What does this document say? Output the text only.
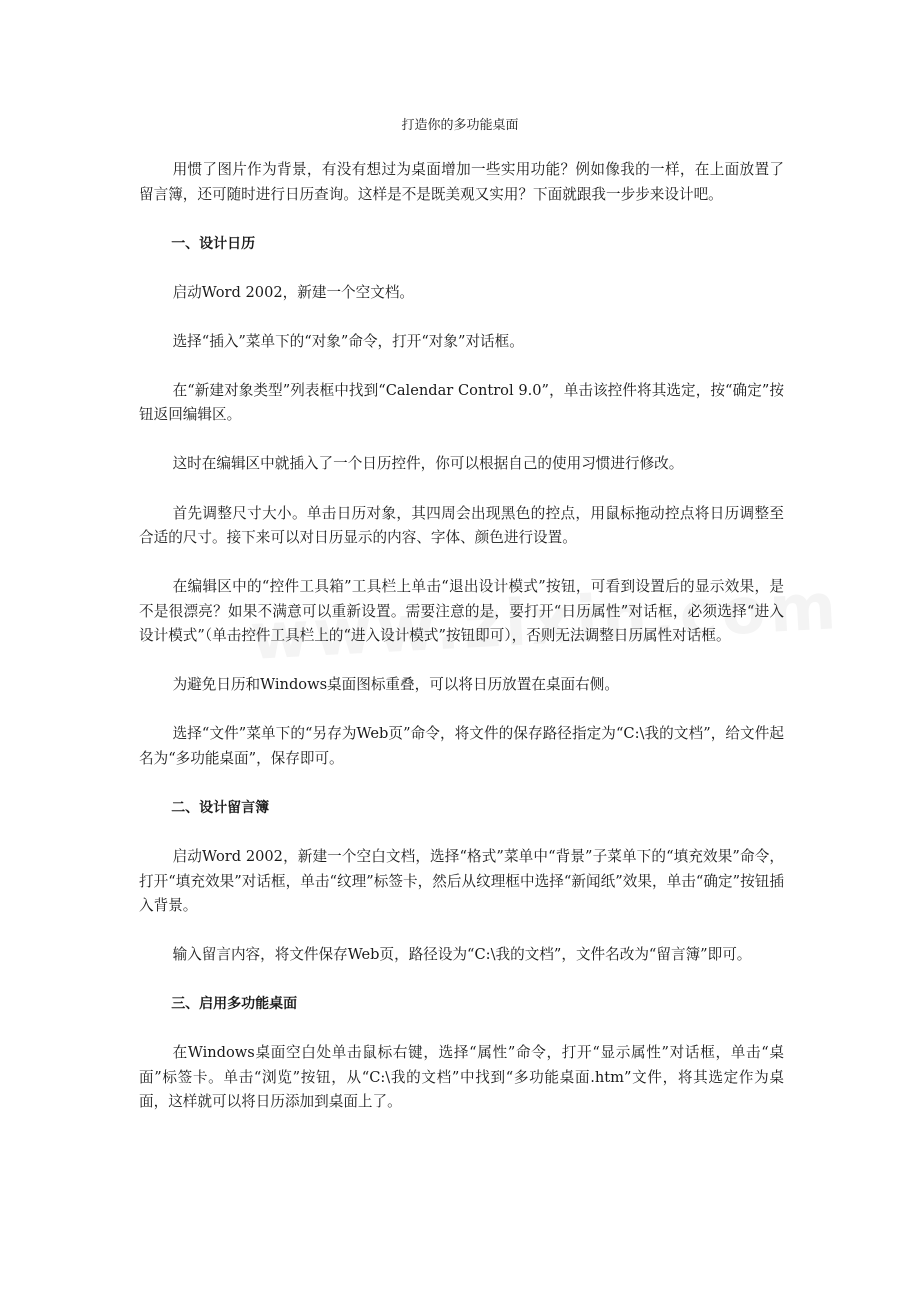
打造你的多功能桌面

用惯了图片作为背景，有没有想过为桌面增加一些实用功能？例如像我的一样，在上面放置了留言簿，还可随时进行日历查询。这样是不是既美观又实用？下面就跟我一步步来设计吧。

一、设计日历

启动Word 2002，新建一个空文档。

选择“插入”菜单下的“对象”命令，打开“对象”对话框。

在“新建对象类型”列表框中找到“Calendar Control 9.0”，单击该控件将其选定，按“确定”按钮返回编辑区。

这时在编辑区中就插入了一个日历控件，你可以根据自己的使用习惯进行修改。

首先调整尺寸大小。单击日历对象，其四周会出现黑色的控点，用鼠标拖动控点将日历调整至合适的尺寸。接下来可以对日历显示的内容、字体、颜色进行设置。

在编辑区中的“控件工具箱”工具栏上单击“退出设计模式”按钮，可看到设置后的显示效果，是不是很漂亮？如果不满意可以重新设置。需要注意的是，要打开“日历属性”对话框，必须选择“进入设计模式”（单击控件工具栏上的“进入设计模式”按钮即可），否则无法调整日历属性对话框。

为避免日历和Windows桌面图标重叠，可以将日历放置在桌面右侧。

选择“文件”菜单下的“另存为Web页”命令，将文件的保存路径指定为“C:\我的文档”，给文件起名为“多功能桌面”，保存即可。

二、设计留言簿

启动Word 2002，新建一个空白文档，选择“格式”菜单中“背景”子菜单下的“填充效果”命令，打开“填充效果”对话框，单击“纹理”标签卡，然后从纹理框中选择“新闻纸”效果，单击“确定”按钮插入背景。

输入留言内容，将文件保存Web页，路径设为“C:\我的文档”，文件名改为“留言簿”即可。

三、启用多功能桌面

在Windows桌面空白处单击鼠标右键，选择“属性”命令，打开“显示属性”对话框，单击“桌面”标签卡。单击“浏览”按钮，从“C:\我的文档”中找到“多功能桌面.htm”文件，将其选定作为桌面，这样就可以将日历添加到桌面上了。
